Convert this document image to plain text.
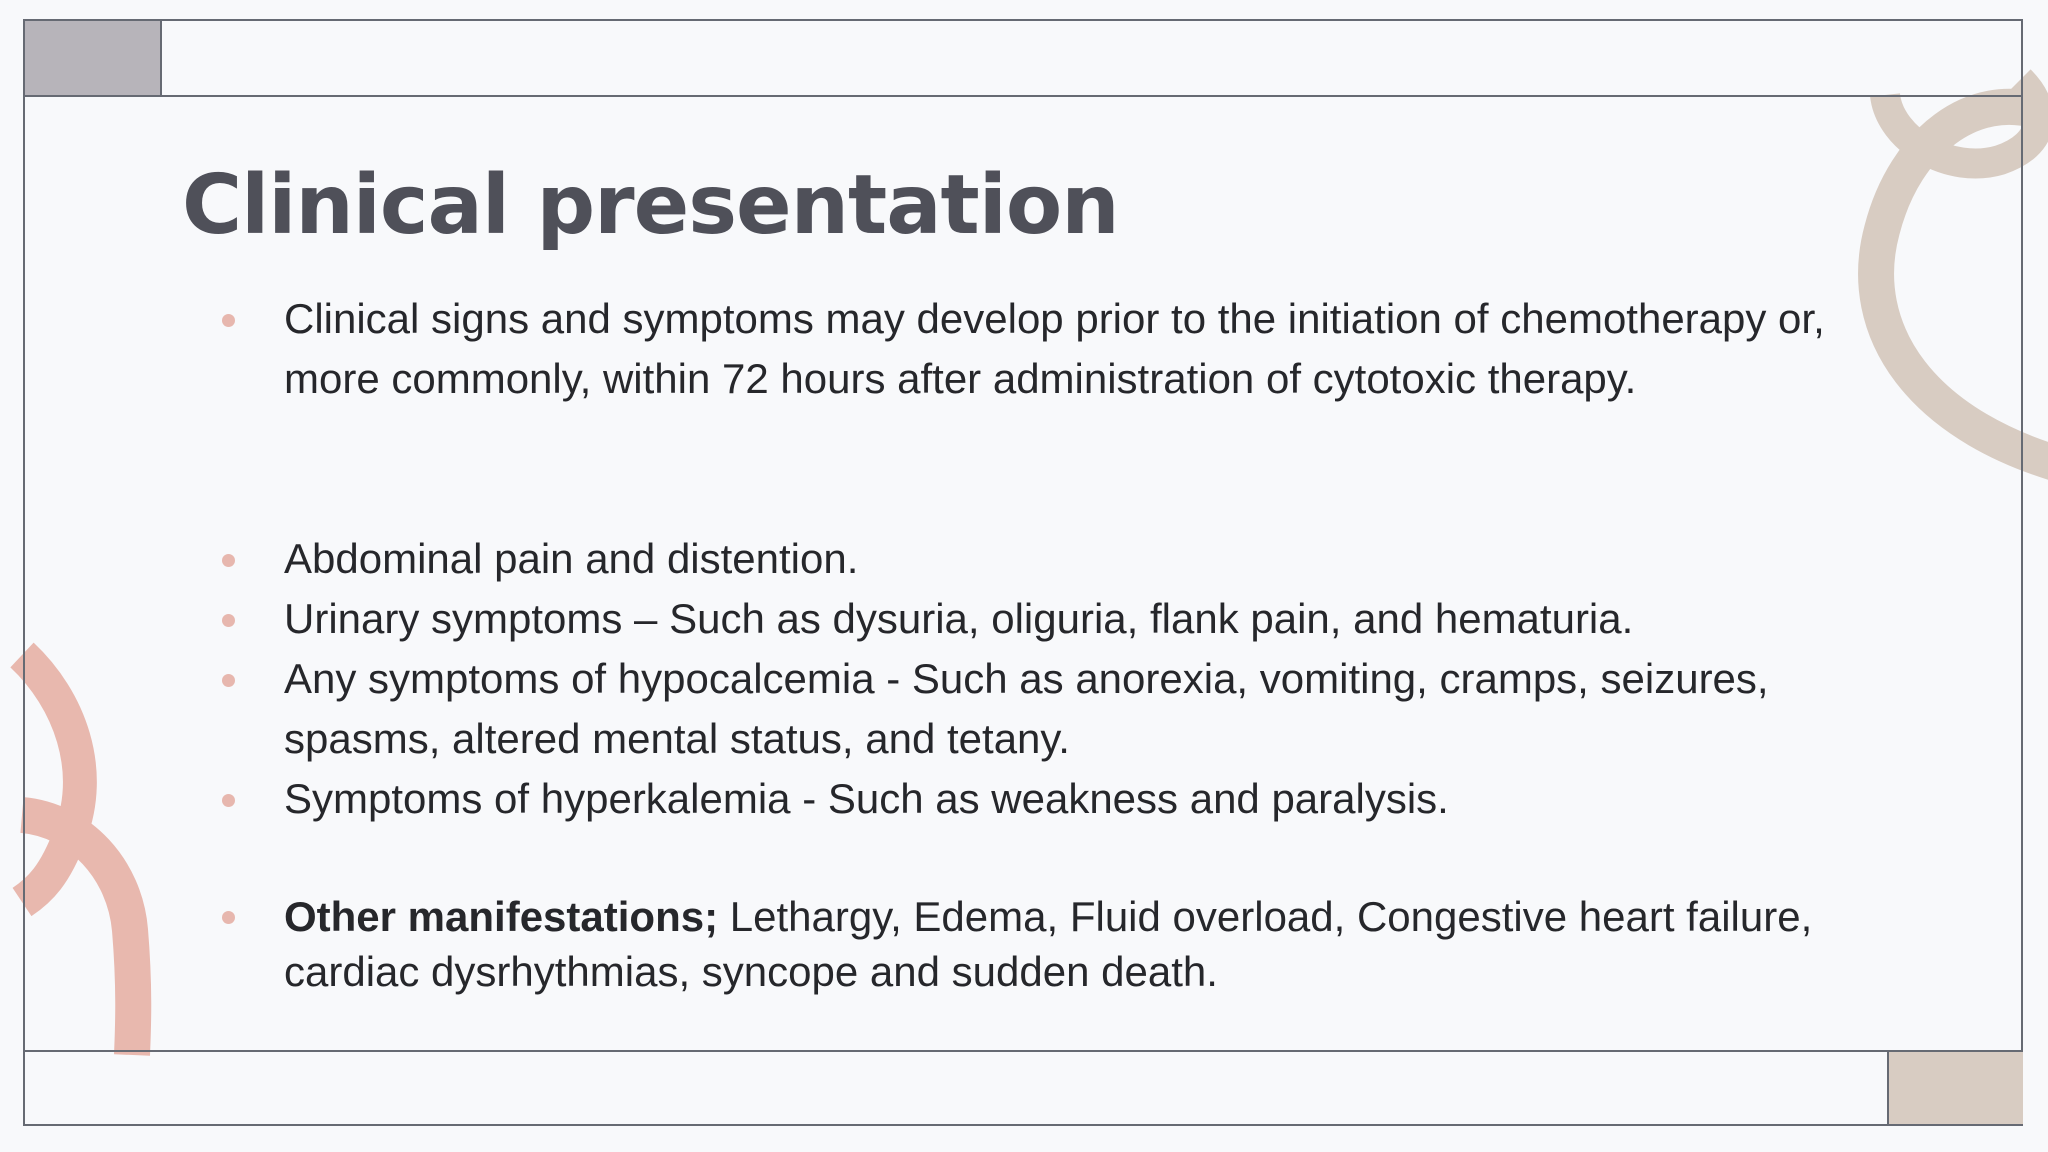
Clinical presentation
Clinical signs and symptoms may develop prior to the initiation of chemotherapy or, more commonly, within 72 hours after administration of cytotoxic therapy.
Abdominal pain and distention.
Urinary symptoms – Such as dysuria, oliguria, flank pain, and hematuria.
Any symptoms of hypocalcemia - Such as anorexia, vomiting, cramps, seizures, spasms, altered mental status, and tetany.
Symptoms of hyperkalemia - Such as weakness and paralysis.
Other manifestations; Lethargy, Edema, Fluid overload, Congestive heart failure, cardiac dysrhythmias, syncope and sudden death.
